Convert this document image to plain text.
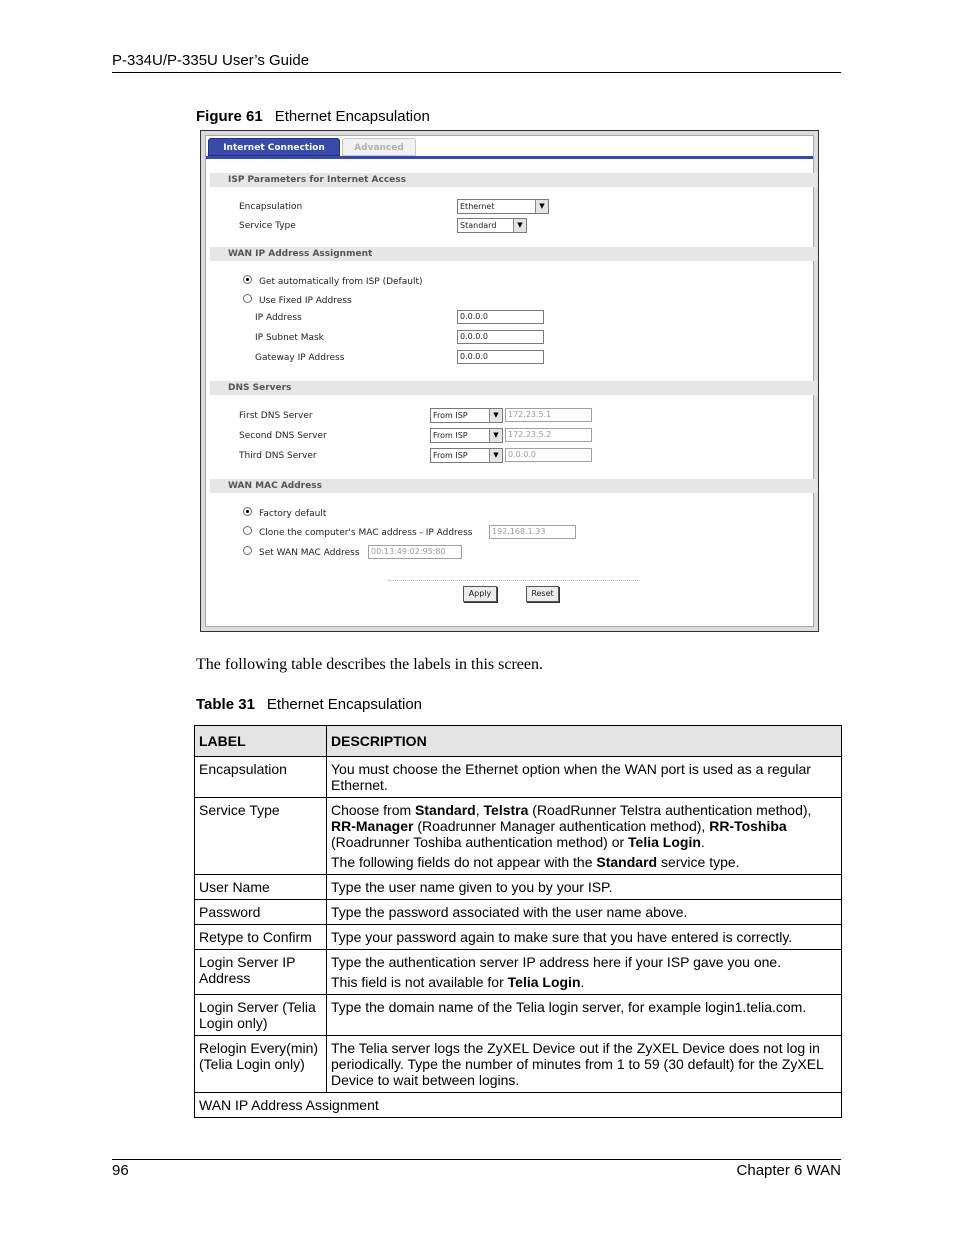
P-334U/P-335U User’s Guide
Figure 61 Ethernet Encapsulation
Internet Connection	Advanced
ISP Parameters for Internet Access
Encapsulation	Ethernet	▼
Service Type	Standard	▼
WAN IP Address Assignment
Get automatically from ISP (Default)
Use Fixed IP Address
IP Address	0.0.0.0
IP Subnet Mask	0.0.0.0
Gateway IP Address	0.0.0.0
DNS Servers
First DNS Server	From ISP	▼	172.23.5.1
Second DNS Server	From ISP	▼	172.23.5.2
Third DNS Server	From ISP	▼	0.0.0.0
WAN MAC Address
Factory default
Clone the computer's MAC address - IP Address	192.168.1.33
Set WAN MAC Address	00:13:49:02:95:80
Apply	Reset
The following table describes the labels in this screen.
Table 31 Ethernet Encapsulation
LABEL	DESCRIPTION
Encapsulation	You must choose the Ethernet option when the WAN port is used as a regular Ethernet.
Service Type	Choose from Standard, Telstra (RoadRunner Telstra authentication method), RR-Manager (Roadrunner Manager authentication method), RR-Toshiba (Roadrunner Toshiba authentication method) or Telia Login.

The following fields do not appear with the Standard service type.

User Name	Type the user name given to you by your ISP.
Password	Type the password associated with the user name above.
Retype to Confirm	Type your password again to make sure that you have entered is correctly.
Login Server IP Address	Type the authentication server IP address here if your ISP gave you one.

This field is not available for Telia Login.

Login Server (Telia Login only)	Type the domain name of the Telia login server, for example login1.telia.com.
Relogin Every(min) (Telia Login only)	The Telia server logs the ZyXEL Device out if the ZyXEL Device does not log in periodically. Type the number of minutes from 1 to 59 (30 default) for the ZyXEL Device to wait between logins.
WAN IP Address Assignment	
96	Chapter 6 WAN
